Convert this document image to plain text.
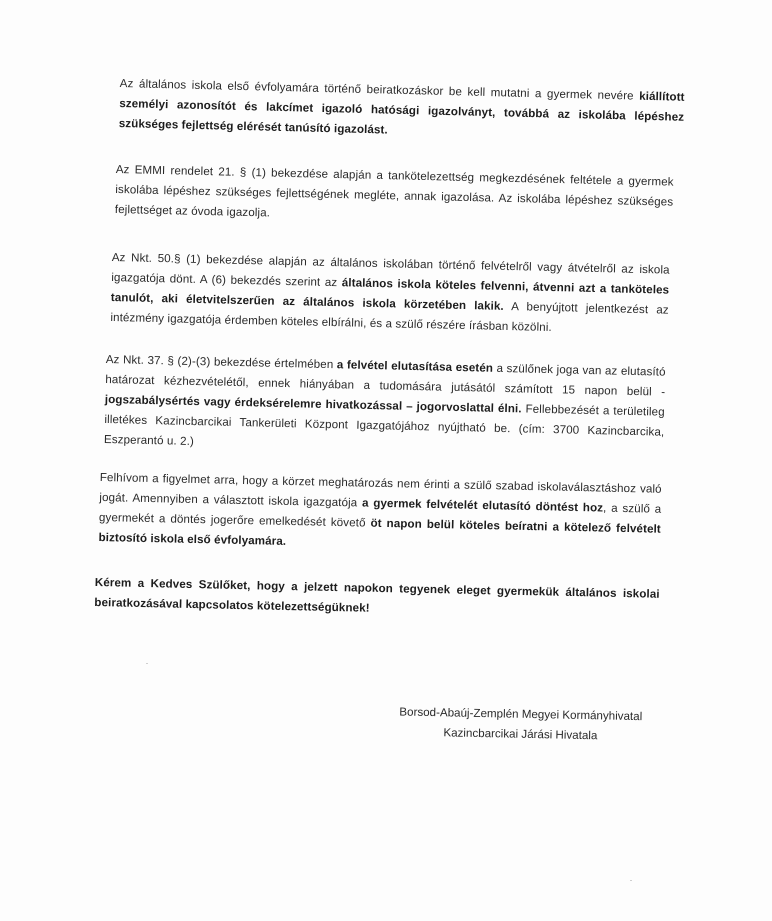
Az általános iskola első évfolyamára történő beiratkozáskor be kell mutatni a gyermek nevére kiállított személyi azonosítót és lakcímet igazoló hatósági igazolványt, továbbá az iskolába lépéshez szükséges fejlettség elérését tanúsító igazolást.
Az EMMI rendelet 21. § (1) bekezdése alapján a tankötelezettség megkezdésének feltétele a gyermek iskolába lépéshez szükséges fejlettségének megléte, annak igazolása. Az iskolába lépéshez szükséges fejlettséget az óvoda igazolja.
Az Nkt. 50.§ (1) bekezdése alapján az általános iskolában történő felvételről vagy átvételről az iskola igazgatója dönt. A (6) bekezdés szerint az általános iskola köteles felvenni, átvenni azt a tanköteles tanulót, aki életvitelszerűen az általános iskola körzetében lakik. A benyújtott jelentkezést az intézmény igazgatója érdemben köteles elbírálni, és a szülő részére írásban közölni.
Az Nkt. 37. § (2)-(3) bekezdése értelmében a felvétel elutasítása esetén a szülőnek joga van az elutasító határozat kézhezvételétől, ennek hiányában a tudomására jutásától számított 15 napon belül - jogszabálysértés vagy érdeksérelemre hivatkozással – jogorvoslattal élni. Fellebbezését a területileg illetékes Kazincbarcikai Tankerületi Központ Igazgatójához nyújtható be. (cím: 3700 Kazincbarcika, Eszperantó u. 2.)
Felhívom a figyelmet arra, hogy a körzet meghatározás nem érinti a szülő szabad iskolaválasztáshoz való jogát. Amennyiben a választott iskola igazgatója a gyermek felvételét elutasító döntést hoz, a szülő a gyermekét a döntés jogerőre emelkedését követő öt napon belül köteles beíratni a kötelező felvételt biztosító iskola első évfolyamára.
Kérem a Kedves Szülőket, hogy a jelzett napokon tegyenek eleget gyermekük általános iskolai beiratkozásával kapcsolatos kötelezettségüknek!
Borsod-Abaúj-Zemplén Megyei Kormányhivatal
Kazincbarcikai Járási Hivatala
